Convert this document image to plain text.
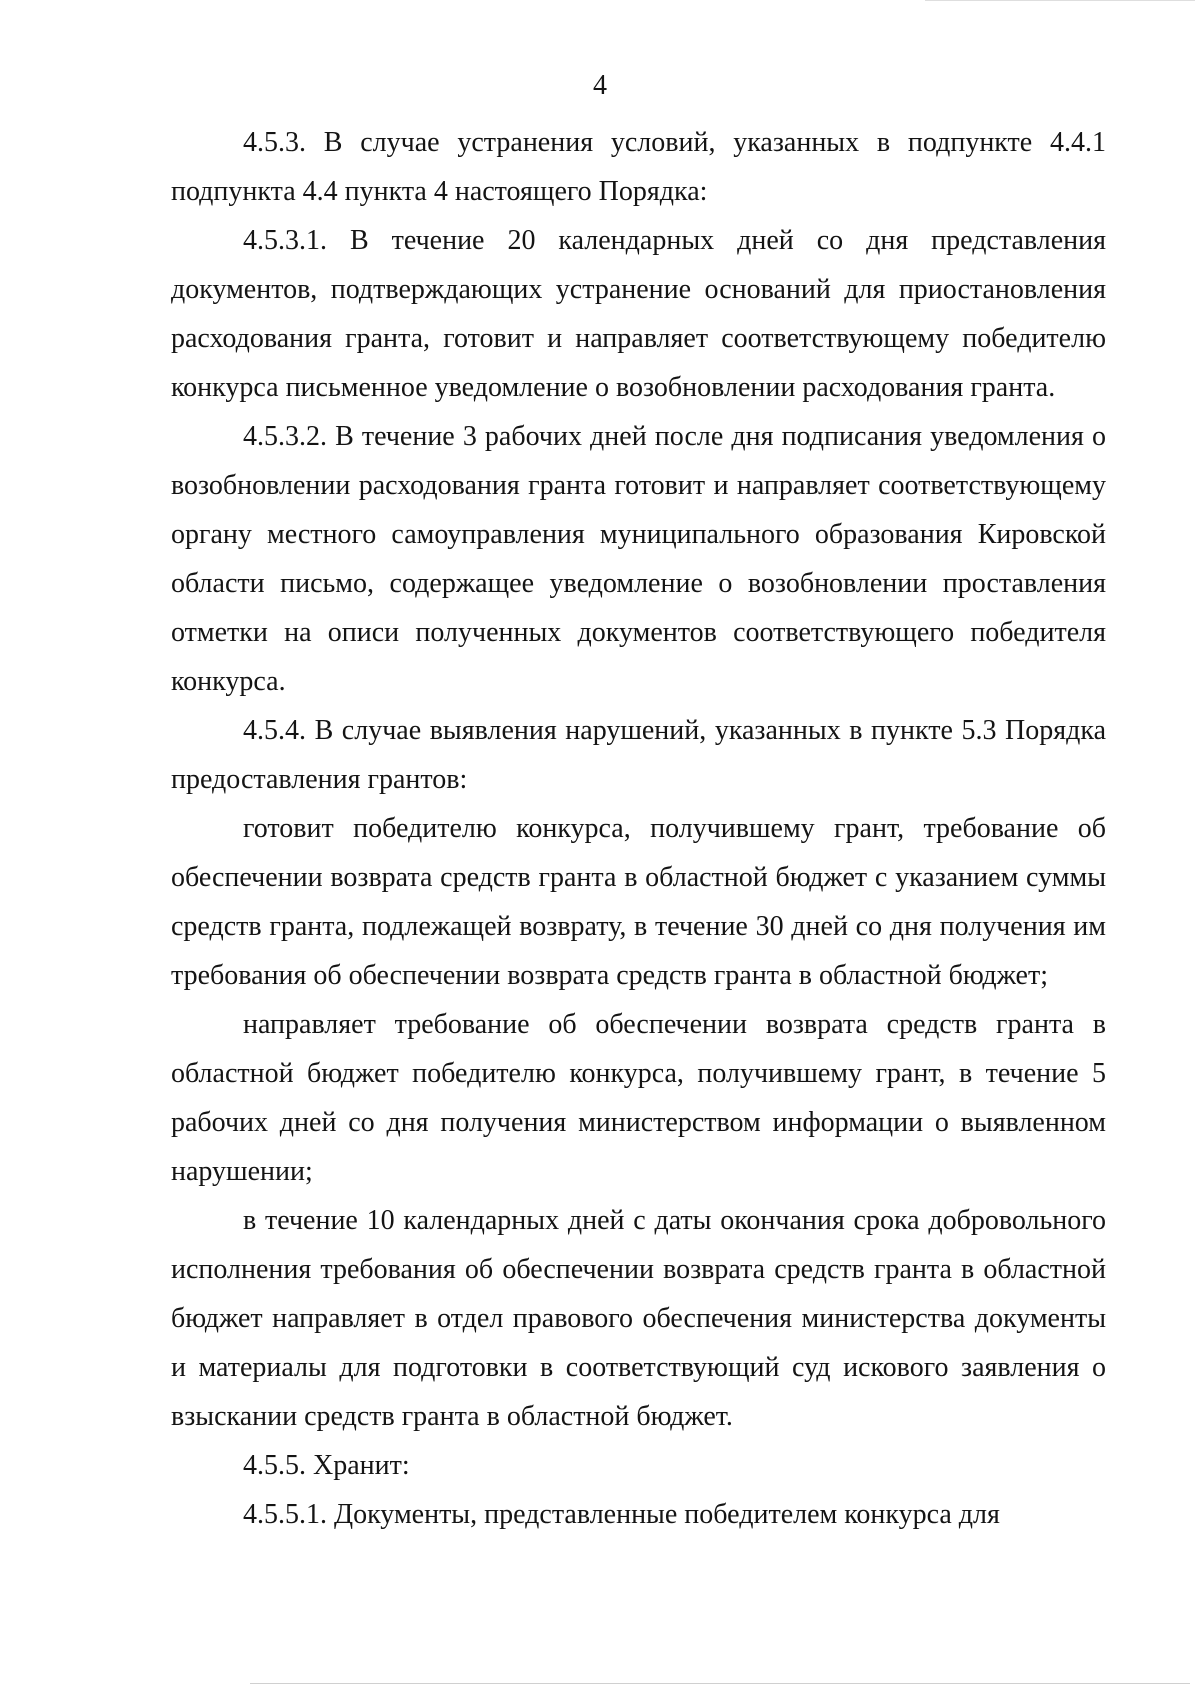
4

4.5.3. В случае устранения условий, указанных в подпункте 4.4.1 подпункта 4.4 пункта 4 настоящего Порядка:

4.5.3.1. В течение 20 календарных дней со дня представления документов, подтверждающих устранение оснований для приостановления расходования гранта, готовит и направляет соответствующему победителю конкурса письменное уведомление о возобновлении расходования гранта.

4.5.3.2. В течение 3 рабочих дней после дня подписания уведомления о возобновлении расходования гранта готовит и направляет соответствующему органу местного самоуправления муниципального образования Кировской области письмо, содержащее уведомление о возобновлении проставления отметки на описи полученных документов соответствующего победителя конкурса.

4.5.4. В случае выявления нарушений, указанных в пункте 5.3 Порядка предоставления грантов:

готовит победителю конкурса, получившему грант, требование об обеспечении возврата средств гранта в областной бюджет с указанием суммы средств гранта, подлежащей возврату, в течение 30 дней со дня получения им требования об обеспечении возврата средств гранта в областной бюджет;

направляет требование об обеспечении возврата средств гранта в областной бюджет победителю конкурса, получившему грант, в течение 5 рабочих дней со дня получения министерством информации о выявленном нарушении;

в течение 10 календарных дней с даты окончания срока добровольного исполнения требования об обеспечении возврата средств гранта в областной бюджет направляет в отдел правового обеспечения министерства документы и материалы для подготовки в соответствующий суд искового заявления о взыскании средств гранта в областной бюджет.

4.5.5. Хранит:

4.5.5.1. Документы, представленные победителем конкурса для
